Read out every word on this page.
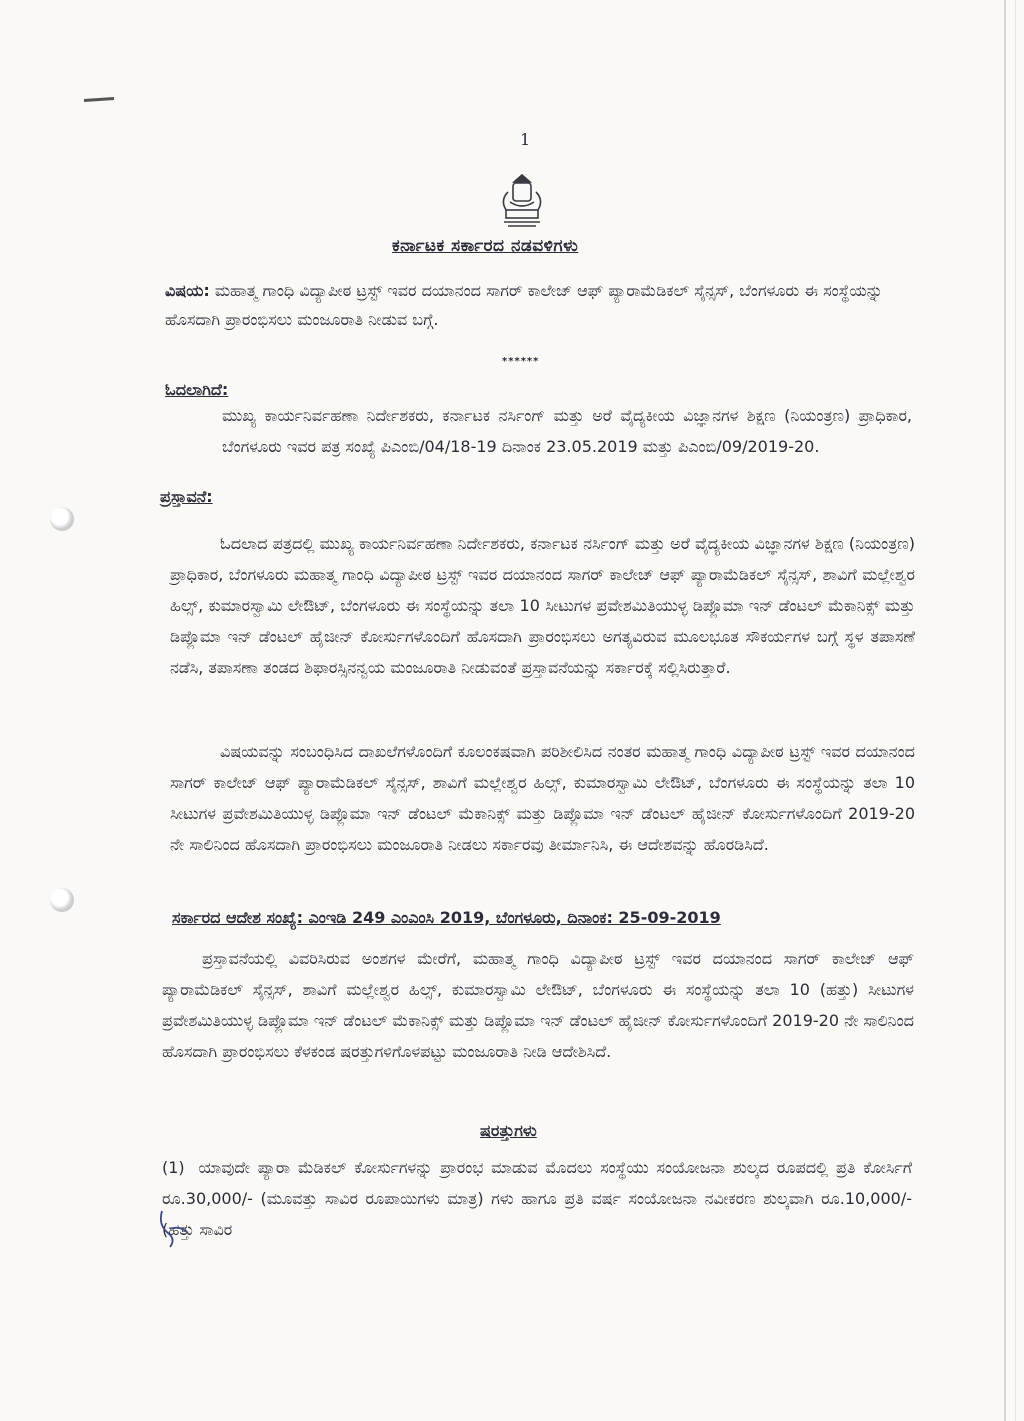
1
ಕರ್ನಾಟಕ ಸರ್ಕಾರದ ನಡವಳಿಗಳು
ವಿಷಯ: ಮಹಾತ್ಮ ಗಾಂಧಿ ವಿದ್ಯಾಪೀಠ ಟ್ರಸ್ಟ್ ಇವರ ದಯಾನಂದ ಸಾಗರ್ ಕಾಲೇಜ್ ಆಫ್ ಪ್ಯಾರಾಮೆಡಿಕಲ್ ಸೈನ್ಸಸ್, ಬೆಂಗಳೂರು ಈ ಸಂಸ್ಥೆಯನ್ನು ಹೊಸದಾಗಿ ಪ್ರಾರಂಭಿಸಲು ಮಂಜೂರಾತಿ ನೀಡುವ ಬಗ್ಗೆ.
******
ಓದಲಾಗಿದೆ:
ಮುಖ್ಯ ಕಾರ್ಯನಿರ್ವಹಣಾ ನಿರ್ದೇಶಕರು, ಕರ್ನಾಟಕ ನರ್ಸಿಂಗ್ ಮತ್ತು ಅರೆ ವೈದ್ಯಕೀಯ ವಿಜ್ಞಾನಗಳ ಶಿಕ್ಷಣ (ನಿಯಂತ್ರಣ) ಪ್ರಾಧಿಕಾರ, ಬೆಂಗಳೂರು ಇವರ ಪತ್ರ ಸಂಖ್ಯೆ ಪಿಎಂಬಿ/04/18-19 ದಿನಾಂಕ 23.05.2019 ಮತ್ತು ಪಿಎಂಬಿ/09/2019-20.
ಪ್ರಸ್ತಾವನೆ:
ಓದಲಾದ ಪತ್ರದಲ್ಲಿ ಮುಖ್ಯ ಕಾರ್ಯನಿರ್ವಹಣಾ ನಿರ್ದೇಶಕರು, ಕರ್ನಾಟಕ ನರ್ಸಿಂಗ್ ಮತ್ತು ಅರೆ ವೈದ್ಯಕೀಯ ವಿಜ್ಞಾನಗಳ ಶಿಕ್ಷಣ (ನಿಯಂತ್ರಣ) ಪ್ರಾಧಿಕಾರ, ಬೆಂಗಳೂರು ಮಹಾತ್ಮ ಗಾಂಧಿ ವಿದ್ಯಾಪೀಠ ಟ್ರಸ್ಟ್ ಇವರ ದಯಾನಂದ ಸಾಗರ್ ಕಾಲೇಜ್ ಆಫ್ ಪ್ಯಾರಾಮೆಡಿಕಲ್ ಸೈನ್ಸಸ್, ಶಾವಿಗೆ ಮಲ್ಲೇಶ್ವರ ಹಿಲ್ಸ್, ಕುಮಾರಸ್ವಾಮಿ ಲೇಔಟ್, ಬೆಂಗಳೂರು ಈ ಸಂಸ್ಥೆಯನ್ನು ತಲಾ 10 ಸೀಟುಗಳ ಪ್ರವೇಶಮಿತಿಯುಳ್ಳ ಡಿಪ್ಲೊಮಾ ಇನ್ ಡೆಂಟಲ್ ಮೆಕಾನಿಕ್ಸ್ ಮತ್ತು ಡಿಪ್ಲೊಮಾ ಇನ್ ಡೆಂಟಲ್ ಹೈಜೀನ್ ಕೋರ್ಸುಗಳೊಂದಿಗೆ ಹೊಸದಾಗಿ ಪ್ರಾರಂಭಿಸಲು ಅಗತ್ಯವಿರುವ ಮೂಲಭೂತ ಸೌಕರ್ಯಗಳ ಬಗ್ಗೆ ಸ್ಥಳ ತಪಾಸಣೆ ನಡೆಸಿ, ತಪಾಸಣಾ ತಂಡದ ಶಿಫಾರಸ್ಸಿನನ್ವಯ ಮಂಜೂರಾತಿ ನೀಡುವಂತೆ ಪ್ರಸ್ತಾವನೆಯನ್ನು ಸರ್ಕಾರಕ್ಕೆ ಸಲ್ಲಿಸಿರುತ್ತಾರೆ.
ವಿಷಯವನ್ನು ಸಂಬಂಧಿಸಿದ ದಾಖಲೆಗಳೊಂದಿಗೆ ಕೂಲಂಕಷವಾಗಿ ಪರಿಶೀಲಿಸಿದ ನಂತರ ಮಹಾತ್ಮ ಗಾಂಧಿ ವಿದ್ಯಾಪೀಠ ಟ್ರಸ್ಟ್ ಇವರ ದಯಾನಂದ ಸಾಗರ್ ಕಾಲೇಜ್ ಆಫ್ ಪ್ಯಾರಾಮೆಡಿಕಲ್ ಸೈನ್ಸಸ್, ಶಾವಿಗೆ ಮಲ್ಲೇಶ್ವರ ಹಿಲ್ಸ್, ಕುಮಾರಸ್ವಾಮಿ ಲೇಔಟ್, ಬೆಂಗಳೂರು ಈ ಸಂಸ್ಥೆಯನ್ನು ತಲಾ 10 ಸೀಟುಗಳ ಪ್ರವೇಶಮಿತಿಯುಳ್ಳ ಡಿಪ್ಲೊಮಾ ಇನ್ ಡೆಂಟಲ್ ಮೆಕಾನಿಕ್ಸ್ ಮತ್ತು ಡಿಪ್ಲೊಮಾ ಇನ್ ಡೆಂಟಲ್ ಹೈಜೀನ್ ಕೋರ್ಸುಗಳೊಂದಿಗೆ 2019-20 ನೇ ಸಾಲಿನಿಂದ ಹೊಸದಾಗಿ ಪ್ರಾರಂಭಿಸಲು ಮಂಜೂರಾತಿ ನೀಡಲು ಸರ್ಕಾರವು ತೀರ್ಮಾನಿಸಿ, ಈ ಆದೇಶವನ್ನು ಹೊರಡಿಸಿದೆ.
ಸರ್ಕಾರದ ಆದೇಶ ಸಂಖ್ಯೆ: ಎಂಇಡಿ 249 ಎಂಎಂಸಿ 2019, ಬೆಂಗಳೂರು, ದಿನಾಂಕ: 25-09-2019
ಪ್ರಸ್ತಾವನೆಯಲ್ಲಿ ವಿವರಿಸಿರುವ ಅಂಶಗಳ ಮೇರೆಗೆ, ಮಹಾತ್ಮ ಗಾಂಧಿ ವಿದ್ಯಾಪೀಠ ಟ್ರಸ್ಟ್ ಇವರ ದಯಾನಂದ ಸಾಗರ್ ಕಾಲೇಜ್ ಆಫ್ ಪ್ಯಾರಾಮೆಡಿಕಲ್ ಸೈನ್ಸಸ್, ಶಾವಿಗೆ ಮಲ್ಲೇಶ್ವರ ಹಿಲ್ಸ್, ಕುಮಾರಸ್ವಾಮಿ ಲೇಔಟ್, ಬೆಂಗಳೂರು ಈ ಸಂಸ್ಥೆಯನ್ನು ತಲಾ 10 (ಹತ್ತು) ಸೀಟುಗಳ ಪ್ರವೇಶಮಿತಿಯುಳ್ಳ ಡಿಪ್ಲೊಮಾ ಇನ್ ಡೆಂಟಲ್ ಮೆಕಾನಿಕ್ಸ್ ಮತ್ತು ಡಿಪ್ಲೊಮಾ ಇನ್ ಡೆಂಟಲ್ ಹೈಜೀನ್ ಕೋರ್ಸುಗಳೊಂದಿಗೆ 2019-20 ನೇ ಸಾಲಿನಿಂದ ಹೊಸದಾಗಿ ಪ್ರಾರಂಭಿಸಲು ಕೆಳಕಂಡ ಷರತ್ತುಗಳಿಗೊಳಪಟ್ಟು ಮಂಜೂರಾತಿ ನೀಡಿ ಆದೇಶಿಸಿದೆ.
ಷರತ್ತುಗಳು
(1) ಯಾವುದೇ ಪ್ಯಾರಾ ಮೆಡಿಕಲ್ ಕೋರ್ಸುಗಳನ್ನು ಪ್ರಾರಂಭ ಮಾಡುವ ಮೊದಲು ಸಂಸ್ಥೆಯು ಸಂಯೋಜನಾ ಶುಲ್ಕದ ರೂಪದಲ್ಲಿ ಪ್ರತಿ ಕೋರ್ಸಿಗೆ ರೂ.30,000/- (ಮೂವತ್ತು ಸಾವಿರ ರೂಪಾಯಿಗಳು ಮಾತ್ರ) ಗಳು ಹಾಗೂ ಪ್ರತಿ ವರ್ಷ ಸಂಯೋಜನಾ ನವೀಕರಣ ಶುಲ್ಕವಾಗಿ ರೂ.10,000/- (ಹತ್ತು ಸಾವಿರ
